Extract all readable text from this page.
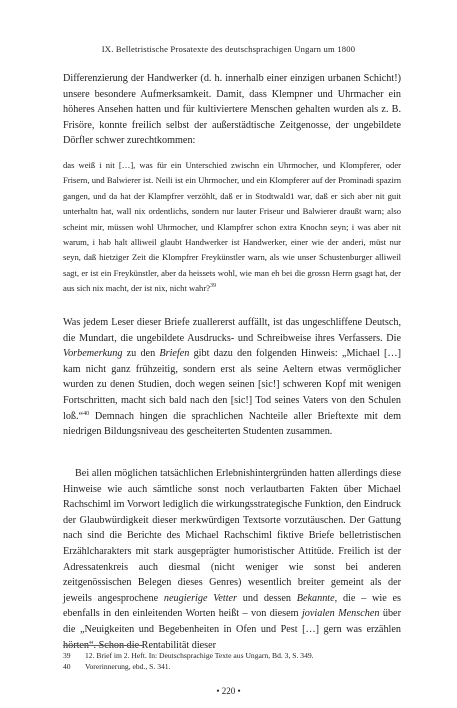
IX. Belletristische Prosatexte des deutschsprachigen Ungarn um 1800

Differenzierung der Handwerker (d. h. innerhalb einer einzigen urbanen Schicht!) unsere besondere Aufmerksamkeit. Damit, dass Klempner und Uhrmacher ein höheres Ansehen hatten und für kultiviertere Menschen gehalten wurden als z. B. Frisöre, konnte freilich selbst der außerstädtische Zeitgenosse, der ungebildete Dörfler schwer zurechtkommen:

das weiß i nit […], was für ein Unterschied zwischn ein Uhrmocher, und Klompferer, oder Frisern, und Balwierer ist. Neili ist ein Uhrmocher, und ein Klompferer auf der Prominadi spazirn gangen, und da hat der Klampfrer verzöhlt, daß er in Stodtwald1 war, daß er sich aber nit guit unterhaltn hat, wall nix ordentlichs, sondern nur lauter Friseur und Balwierer draußt warn; also scheint mir, müssen wohl Uhrmocher, und Klampfrer schon extra Knochn seyn; i was aber nit warum, i hab halt alliweil glaubt Handwerker ist Handwerker, einer wie der anderi, müst nur seyn, daß hietziger Zeit die Klompfrer Freykünstler warn, als wie unser Schustenburger alliweil sagt, er ist ein Freykünstler, aber da heissets wohl, wie man eh bei die grossn Herrn gsagt hat, der aus sich nix macht, der ist nix, nicht wahr?$^{39}$

Was jedem Leser dieser Briefe zuallererst auffällt, ist das ungeschliffene Deutsch, die Mundart, die ungebildete Ausdrucks- und Schreibweise ihres Verfassers. Die Vorbemerkung zu den Briefen gibt dazu den folgenden Hinweis: „Michael […] kam nicht ganz frühzeitig, sondern erst als seine Aeltern etwas vermöglicher wurden zu denen Studien, doch wegen seinen [sic!] schweren Kopf mit wenigen Fortschritten, macht sich bald nach den [sic!] Tod seines Vaters von den Schulen loß.“$^{40}$ Demnach hingen die sprachlichen Nachteile aller Brieftexte mit dem niedrigen Bildungsniveau des gescheiterten Studenten zusammen.

Bei allen möglichen tatsächlichen Erlebnishintergründen hatten allerdings diese Hinweise wie auch sämtliche sonst noch verlautbarten Fakten über Michael Rachschiml im Vorwort lediglich die wirkungsstrategische Funktion, den Eindruck der Glaubwürdigkeit dieser merkwürdigen Textsorte vorzutäuschen. Der Gattung nach sind die Berichte des Michael Rachschiml fiktive Briefe belletristischen Erzählcharakters mit stark ausgeprägter humoristischer Attitüde. Freilich ist der Adressatenkreis auch diesmal (nicht weniger wie sonst bei anderen zeitgenössischen Belegen dieses Genres) wesentlich breiter gemeint als der jeweils angesprochene neugierige Vetter und dessen Bekannte, die – wie es ebenfalls in den einleitenden Worten heißt – von diesem jovialen Menschen über die „Neuigkeiten und Begebenheiten in Ofen und Pest […] gern was erzählen hörten“. Schon die Rentabilität dieser

39 12. Brief im 2. Heft. In: Deutschsprachige Texte aus Ungarn, Bd. 3, S. 349.
40 Vorerinnerung, ebd., S. 341.
• 220 •
